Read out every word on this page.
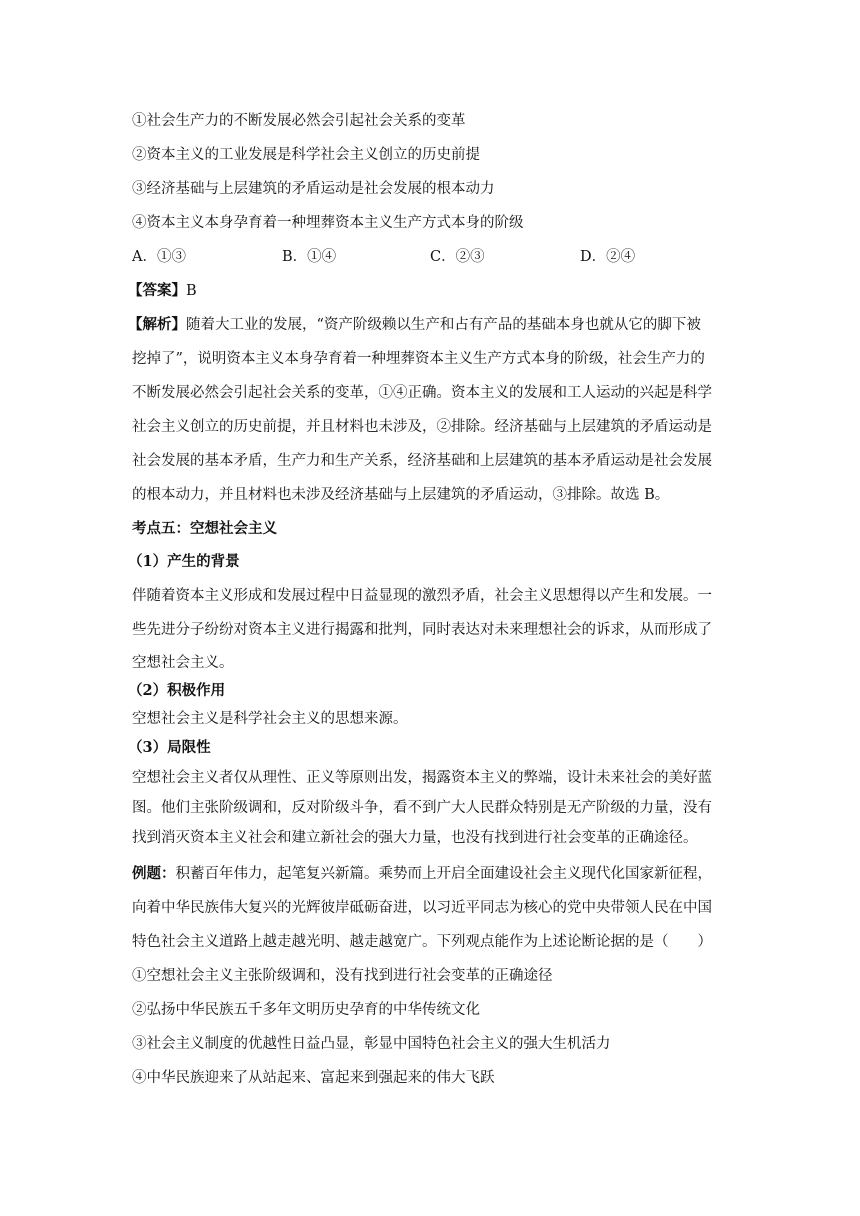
①社会生产力的不断发展必然会引起社会关系的变革
②资本主义的工业发展是科学社会主义创立的历史前提
③经济基础与上层建筑的矛盾运动是社会发展的根本动力
④资本主义本身孕育着一种埋葬资本主义生产方式本身的阶级
A．①③	B．①④	C．②③	D．②④
【答案】B
【解析】随着大工业的发展，“资产阶级赖以生产和占有产品的基础本身也就从它的脚下被
挖掉了”，说明资本主义本身孕育着一种埋葬资本主义生产方式本身的阶级，社会生产力的
不断发展必然会引起社会关系的变革，①④正确。资本主义的发展和工人运动的兴起是科学
社会主义创立的历史前提，并且材料也未涉及，②排除。经济基础与上层建筑的矛盾运动是
社会发展的基本矛盾，生产力和生产关系，经济基础和上层建筑的基本矛盾运动是社会发展
的根本动力，并且材料也未涉及经济基础与上层建筑的矛盾运动，③排除。故选 B。
考点五：空想社会主义
（1）产生的背景
伴随着资本主义形成和发展过程中日益显现的激烈矛盾，社会主义思想得以产生和发展。一
些先进分子纷纷对资本主义进行揭露和批判，同时表达对未来理想社会的诉求，从而形成了
空想社会主义。
（2）积极作用
空想社会主义是科学社会主义的思想来源。
（3）局限性
空想社会主义者仅从理性、正义等原则出发，揭露资本主义的弊端，设计未来社会的美好蓝
图。他们主张阶级调和，反对阶级斗争，看不到广大人民群众特别是无产阶级的力量，没有
找到消灭资本主义社会和建立新社会的强大力量，也没有找到进行社会变革的正确途径。
例题：积蓄百年伟力，起笔复兴新篇。乘势而上开启全面建设社会主义现代化国家新征程，
向着中华民族伟大复兴的光辉彼岸砥砺奋进，以习近平同志为核心的党中央带领人民在中国
特色社会主义道路上越走越光明、越走越宽广。下列观点能作为上述论断论据的是（　　）
①空想社会主义主张阶级调和，没有找到进行社会变革的正确途径
②弘扬中华民族五千多年文明历史孕育的中华传统文化
③社会主义制度的优越性日益凸显，彰显中国特色社会主义的强大生机活力
④中华民族迎来了从站起来、富起来到强起来的伟大飞跃
